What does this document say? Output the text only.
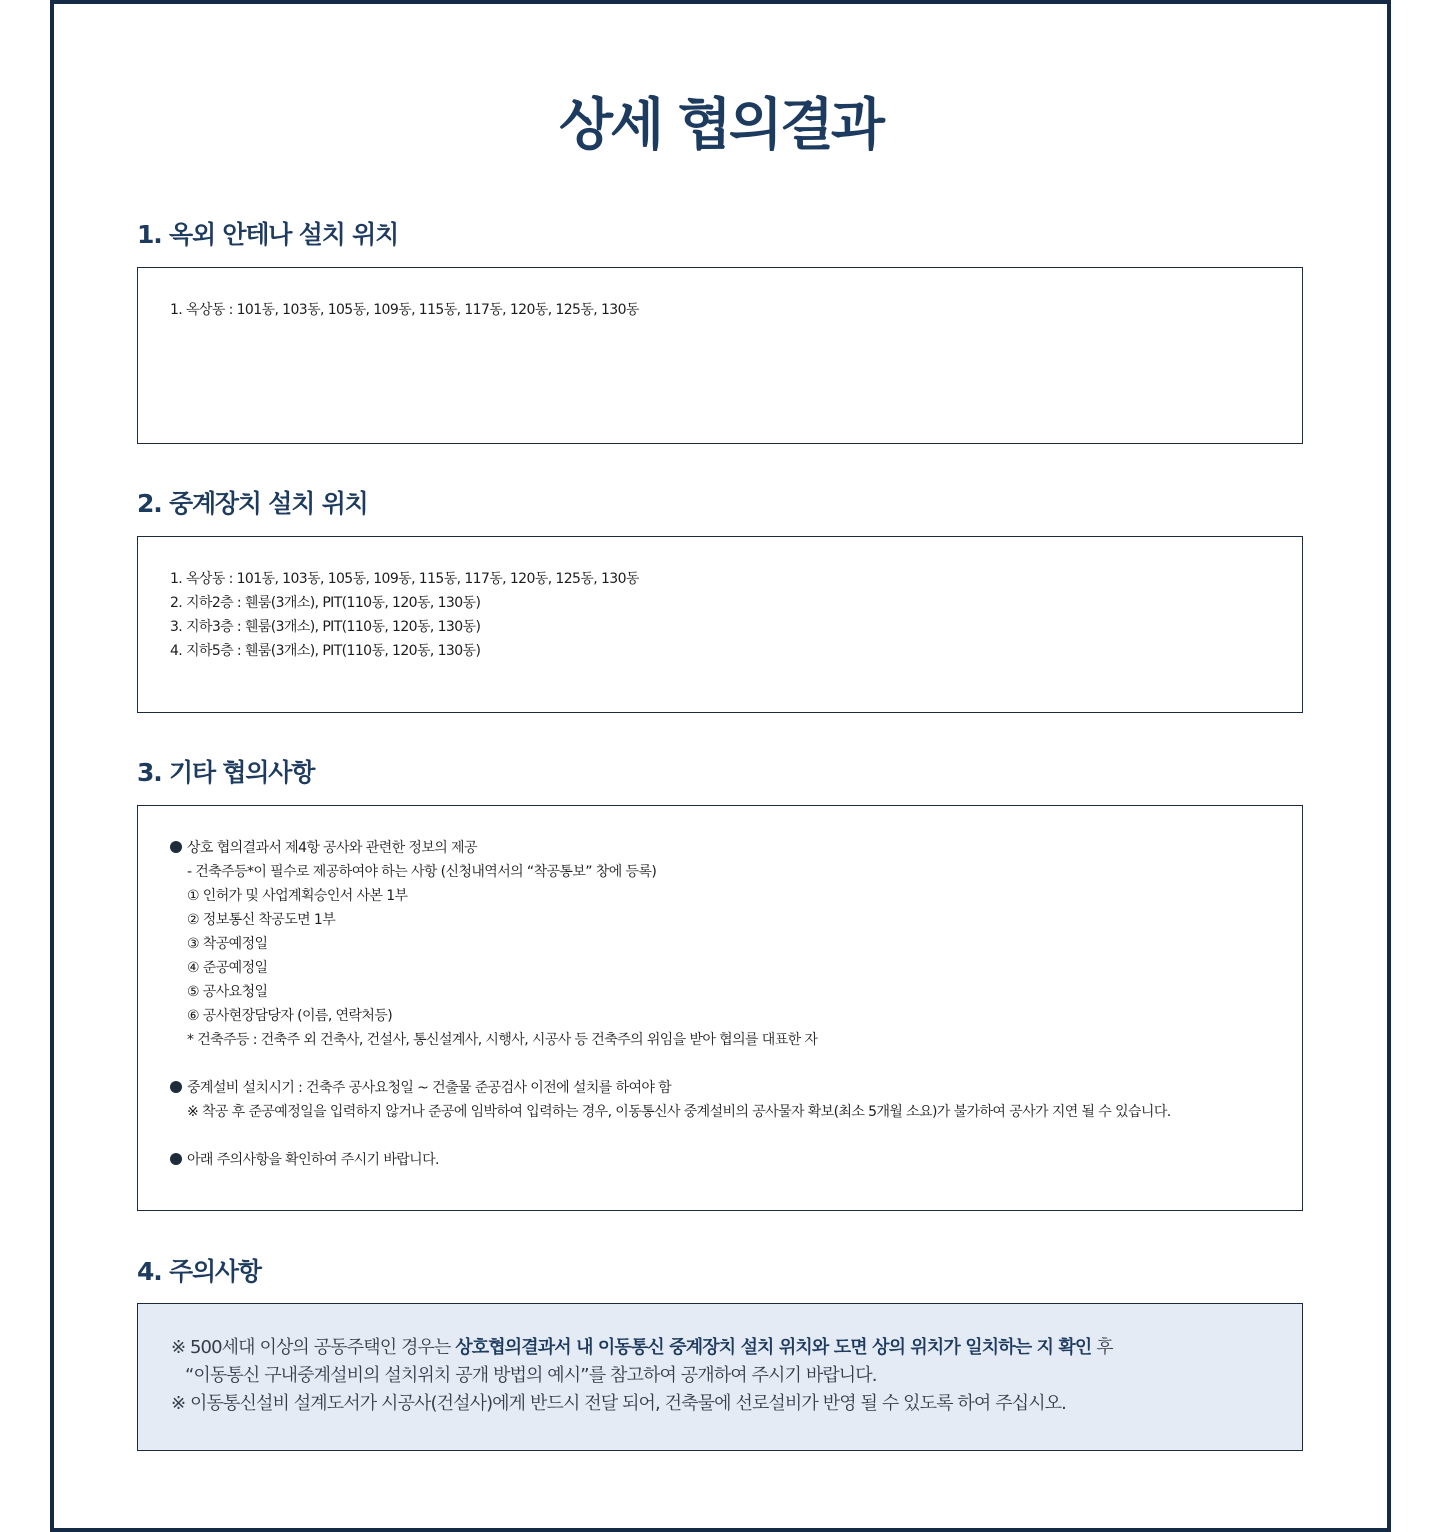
상세 협의결과
1. 옥외 안테나 설치 위치
1. 옥상동 : 101동, 103동, 105동, 109동, 115동, 117동, 120동, 125동, 130동
2. 중계장치 설치 위치
1. 옥상동 : 101동, 103동, 105동, 109동, 115동, 117동, 120동, 125동, 130동
2. 지하2층 : 휀룸(3개소), PIT(110동, 120동, 130동)
3. 지하3층 : 휀룸(3개소), PIT(110동, 120동, 130동)
4. 지하5층 : 휀룸(3개소), PIT(110동, 120동, 130동)
3. 기타 협의사항
상호 협의결과서 제4항 공사와 관련한 정보의 제공
- 건축주등*이 필수로 제공하여야 하는 사항 (신청내역서의 “착공통보” 창에 등록)
① 인허가 및 사업계획승인서 사본 1부
② 정보통신 착공도면 1부
③ 착공예정일
④ 준공예정일
⑤ 공사요청일
⑥ 공사현장담당자 (이름, 연락처등)
* 건축주등 : 건축주 외 건축사, 건설사, 통신설계사, 시행사, 시공사 등 건축주의 위임을 받아 협의를 대표한 자
중계설비 설치시기 : 건축주 공사요청일 ~ 건출물 준공검사 이전에 설치를 하여야 함
※ 착공 후 준공예정일을 입력하지 않거나 준공에 임박하여 입력하는 경우, 이동통신사 중계설비의 공사물자 확보(최소 5개월 소요)가 불가하여 공사가 지연 될 수 있습니다.
아래 주의사항을 확인하여 주시기 바랍니다.
4. 주의사항
※ 500세대 이상의 공동주택인 경우는 상호협의결과서 내 이동통신 중계장치 설치 위치와 도면 상의 위치가 일치하는 지 확인 후
“이동통신 구내중계설비의 설치위치 공개 방법의 예시”를 참고하여 공개하여 주시기 바랍니다.
※ 이동통신설비 설계도서가 시공사(건설사)에게 반드시 전달 되어, 건축물에 선로설비가 반영 될 수 있도록 하여 주십시오.
